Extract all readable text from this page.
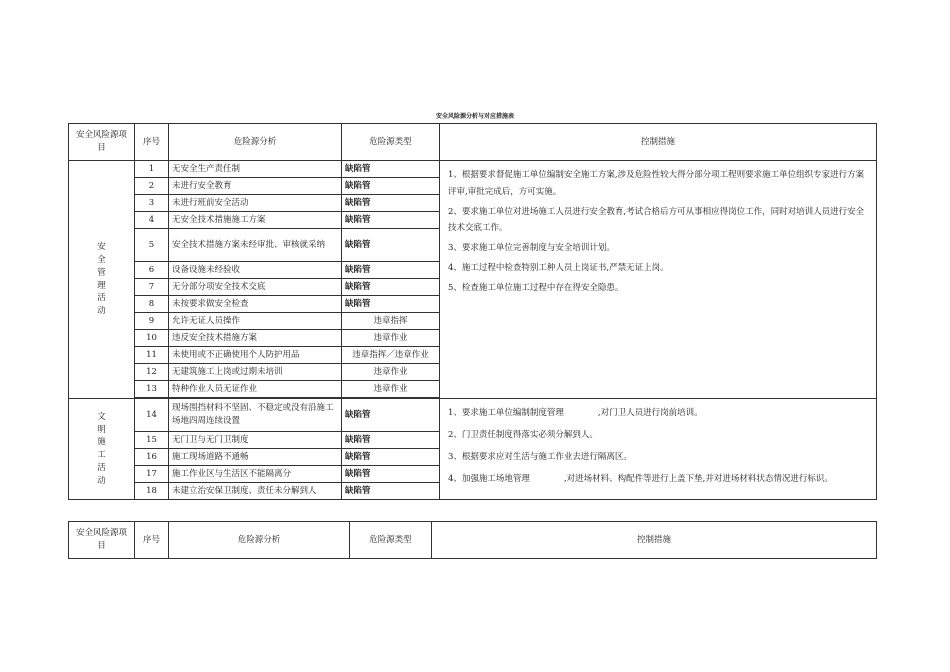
安全风险源分析与对应措施表
安全风险源项目	序号	危险源分析	危险源类型	控制措施

安全管理活动	1	无安全生产责任制	缺陷管	1、根据要求督促施工单位编制安全施工方案,涉及危险性较大得分部分项工程则要求施工单位组织专家进行方案评审,审批完成后，方可实施。

2、要求施工单位对进场施工人员进行安全教育,考试合格后方可从事相应得岗位工作，同时对培训人员进行安全技术交底工作。

3、要求施工单位完善制度与安全培训计划。

4、施工过程中检查特别工种人员上岗证书,严禁无证上岗。

5、检查施工单位施工过程中存在得安全隐患。

	2	未进行安全教育	缺陷管	
	3	未进行班前安全活动	缺陷管	
	4	无安全技术措施施工方案	缺陷管	
	5	安全技术措施方案未经审批、审核就采纳	缺陷管	
	6	设备设施未经验收	缺陷管	
	7	无分部分项安全技术交底	缺陷管	
	8	未按要求做安全检查	缺陷管	
	9	允许无证人员操作	违章指挥	
	10	违反安全技术措施方案	违章作业	
	11	未使用或不正确使用个人防护用品	违章指挥／违章作业	
	12	无建筑施工上岗或过期未培训	违章作业	
	13	特种作业人员无证作业	违章作业	

文明施工活动	14	现场围挡材料不坚固、不稳定或没有沿施工场地四周连续设置	缺陷管	1、要求施工单位编制制度管理　　　　,对门卫人员进行岗前培训。

2、门卫责任制度得落实必须分解到人。

3、根据要求应对生活与施工作业去进行隔离区。

4、加强施工场地管理　　　　,对进场材料、构配件等进行上盖下垫,并对进场材料状态情况进行标识。

	15	无门卫与无门卫制度	缺陷管	
	16	施工现场道路不通畅	缺陷管	
	17	施工作业区与生活区不能隔离分	缺陷管	
	18	未建立治安保卫制度、责任未分解到人	缺陷管	
安全风险源项目	序号	危险源分析	危险源类型	控制措施
